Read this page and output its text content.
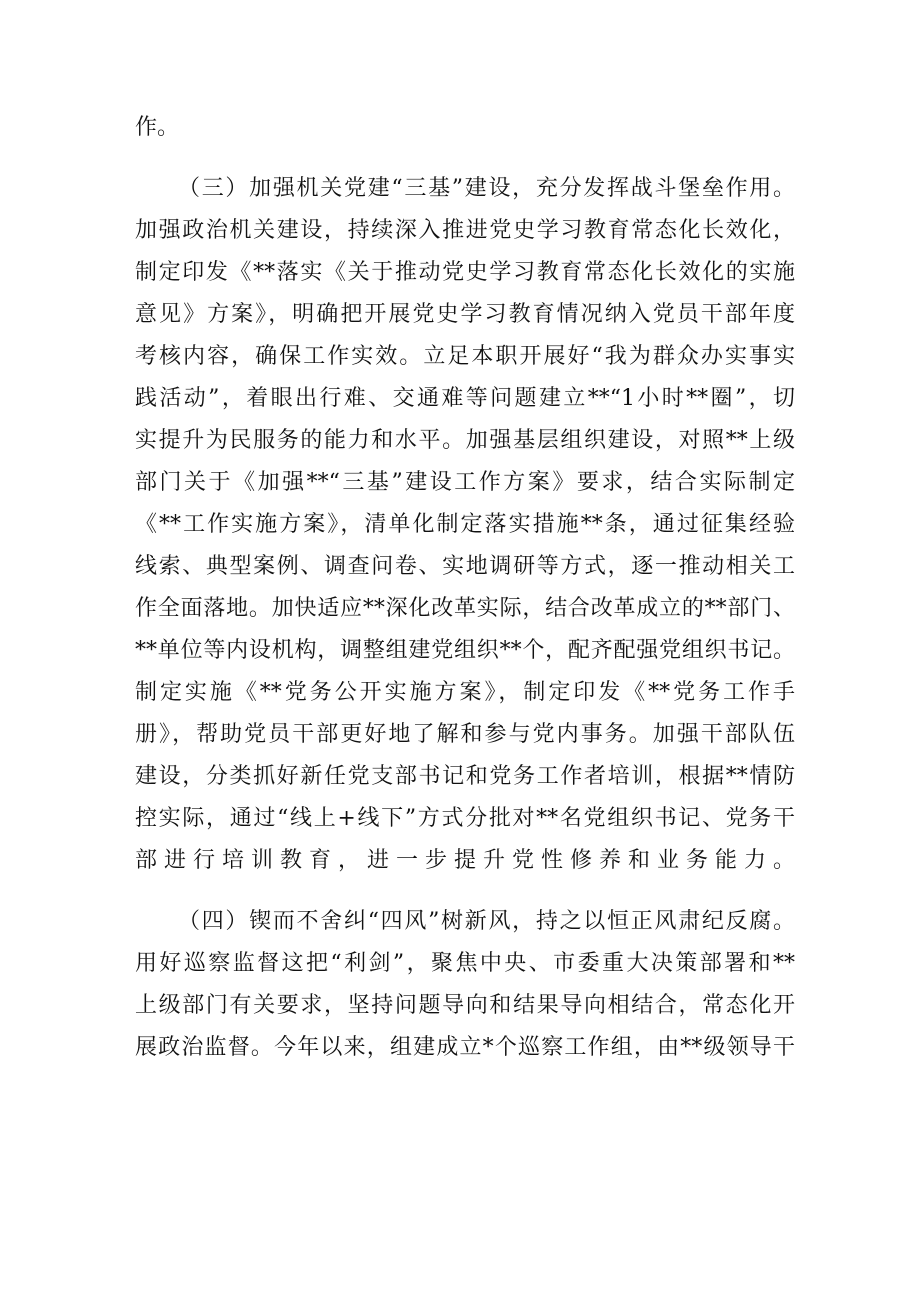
作。
（三）加强机关党建“三基”建设，充分发挥战斗堡垒作用。
加强政治机关建设，持续深入推进党史学习教育常态化长效化，
制定印发《**落实《关于推动党史学习教育常态化长效化的实施
意见》方案》，明确把开展党史学习教育情况纳入党员干部年度
考核内容，确保工作实效。立足本职开展好“我为群众办实事实
践活动”，着眼出行难、交通难等问题建立**“1小时**圈”，切
实提升为民服务的能力和水平。加强基层组织建设，对照**上级
部门关于《加强**“三基”建设工作方案》要求，结合实际制定
《**工作实施方案》，清单化制定落实措施**条，通过征集经验
线索、典型案例、调查问卷、实地调研等方式，逐一推动相关工
作全面落地。加快适应**深化改革实际，结合改革成立的**部门、
**单位等内设机构，调整组建党组织**个，配齐配强党组织书记。
制定实施《**党务公开实施方案》，制定印发《**党务工作手
册》，帮助党员干部更好地了解和参与党内事务。加强干部队伍
建设，分类抓好新任党支部书记和党务工作者培训，根据**情防
控实际，通过“线上+线下”方式分批对**名党组织书记、党务干
部进行培训教育，进一步提升党性修养和业务能力。
（四）锲而不舍纠“四风”树新风，持之以恒正风肃纪反腐。
用好巡察监督这把“利剑”，聚焦中央、市委重大决策部署和**
上级部门有关要求，坚持问题导向和结果导向相结合，常态化开
展政治监督。今年以来，组建成立*个巡察工作组，由**级领导干
